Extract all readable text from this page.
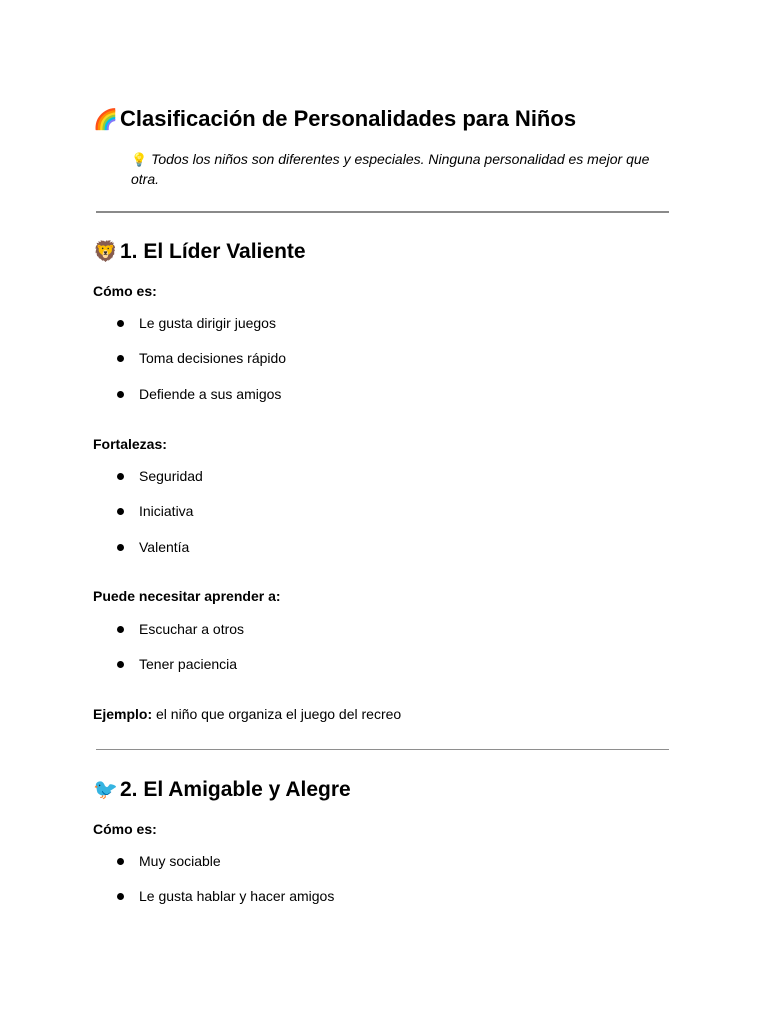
🌈Clasificación de Personalidades para Niños

💡 Todos los niños son diferentes y especiales. Ninguna personalidad es mejor que otra.

🦁1. El Líder Valiente

Cómo es:

Le gusta dirigir juegos
Toma decisiones rápido
Defiende a sus amigos

Fortalezas:

Seguridad
Iniciativa
Valentía

Puede necesitar aprender a:

Escuchar a otros
Tener paciencia

Ejemplo: el niño que organiza el juego del recreo

🐦2. El Amigable y Alegre

Cómo es:

Muy sociable
Le gusta hablar y hacer amigos
